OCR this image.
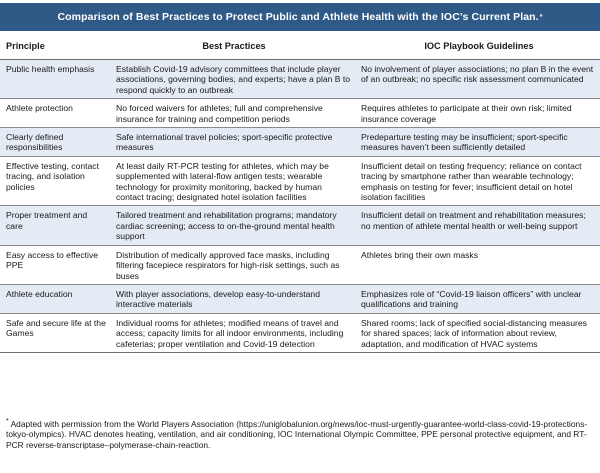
Comparison of Best Practices to Protect Public and Athlete Health with the IOC’s Current Plan. *
Principle	Best Practices	IOC Playbook Guidelines
Public health emphasis	Establish Covid-19 advisory committees that include player associations, governing bodies, and experts; have a plan B to respond quickly to an outbreak	No involvement of player associations; no plan B in the event of an outbreak; no specific risk assessment communicated
Athlete protection	No forced waivers for athletes; full and comprehensive insurance for training and competition periods	Requires athletes to participate at their own risk; limited insurance coverage
Clearly defined responsibilities	Safe international travel policies; sport-specific protective measures	Predeparture testing may be insufficient; sport-specific measures haven’t been sufficiently detailed
Effective testing, contact tracing, and isolation policies	At least daily RT-PCR testing for athletes, which may be supplemented with lateral-flow antigen tests; wearable technology for proximity monitoring, backed by human contact tracing; designated hotel isolation facilities	Insufficient detail on testing frequency; reliance on contact tracing by smartphone rather than wearable technology; emphasis on testing for fever; insufficient detail on hotel isolation facilities
Proper treatment and care	Tailored treatment and rehabilitation programs; mandatory cardiac screening; access to on-the-ground mental health support	Insufficient detail on treatment and rehabilitation measures; no mention of athlete mental health or well-being support
Easy access to effective PPE	Distribution of medically approved face masks, including filtering facepiece respirators for high-risk settings, such as buses	Athletes bring their own masks
Athlete education	With player associations, develop easy-to-understand interactive materials	Emphasizes role of “Covid-19 liaison officers” with unclear qualifications and training
Safe and secure life at the Games	Individual rooms for athletes; modified means of travel and access; capacity limits for all indoor environments, including cafeterias; proper ventilation and Covid-19 detection	Shared rooms; lack of specified social-distancing measures for shared spaces; lack of information about review, adaptation, and modification of HVAC systems
* Adapted with permission from the World Players Association (https://uniglobalunion.org/news/ioc-must-urgently-guarantee-world-class-covid-19-protections-tokyo-olympics). HVAC denotes heating, ventilation, and air conditioning, IOC International Olympic Committee, PPE personal protective equipment, and RT-PCR reverse-transcriptase–polymerase-chain-reaction.
